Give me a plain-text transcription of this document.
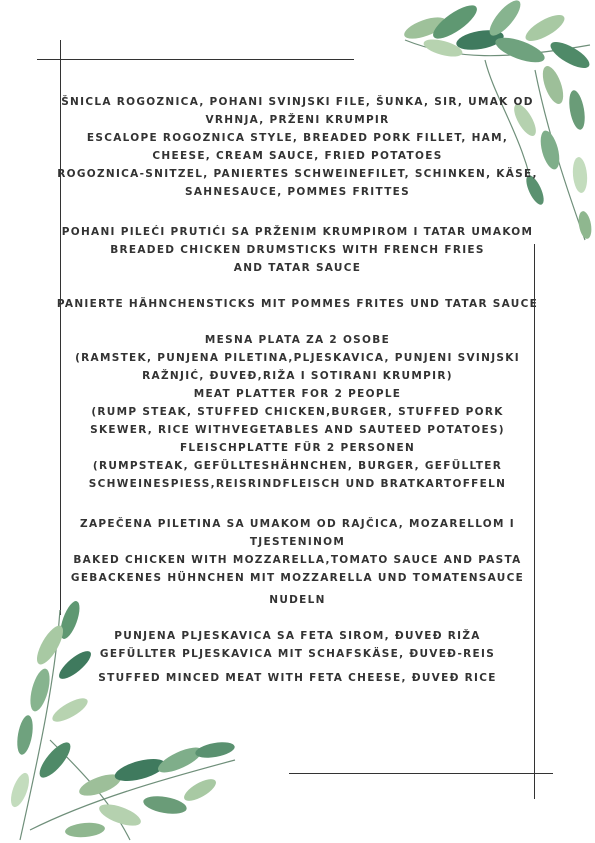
ŠNICLA ROGOZNICA, POHANI SVINJSKI FILE, ŠUNKA, SIR, UMAK OD

VRHNJA, PRŽENI KRUMPIR

ESCALOPE ROGOZNICA STYLE, BREADED PORK FILLET, HAM,

CHEESE, CREAM SAUCE, FRIED POTATOES

ROGOZNICA-SNITZEL, PANIERTES SCHWEINEFILET, SCHINKEN, KÄSE,

SAHNESAUCE, POMMES FRITTES

POHANI PILEĆI PRUTIĆI SA PRŽENIM KRUMPIROM I TATAR UMAKOM

BREADED CHICKEN DRUMSTICKS WITH FRENCH FRIES

AND TATAR SAUCE

PANIERTE HÄHNCHENSTICKS MIT POMMES FRITES UND TATAR SAUCE

MESNA PLATA ZA 2 OSOBE

(RAMSTEK, PUNJENA PILETINA,PLJESKAVICA, PUNJENI SVINJSKI

RAŽNJIĆ, ĐUVEĐ,RIŽA I SOTIRANI KRUMPIR)

MEAT PLATTER FOR 2 PEOPLE

(RUMP STEAK, STUFFED CHICKEN,BURGER, STUFFED PORK

SKEWER, RICE WITHVEGETABLES AND SAUTEED POTATOES)

FLEISCHPLATTE FÜR 2 PERSONEN

(RUMPSTEAK, GEFÜLLTESHÄHNCHEN, BURGER, GEFÜLLTER

SCHWEINESPIESS,REISRINDFLEISCH UND BRATKARTOFFELN

ZAPEČENA PILETINA SA UMAKOM OD RAJČICA, MOZARELLOM I

TJESTENINOM

BAKED CHICKEN WITH MOZZARELLA,TOMATO SAUCE AND PASTA

GEBACKENES HÜHNCHEN MIT MOZZARELLA UND TOMATENSAUCE

NUDELN

PUNJENA PLJESKAVICA SA FETA SIROM, ĐUVEĐ RIŽA

GEFÜLLTER PLJESKAVICA MIT SCHAFSKÄSE, ĐUVEĐ-REIS

STUFFED MINCED MEAT WITH FETA CHEESE, ĐUVEĐ RICE
